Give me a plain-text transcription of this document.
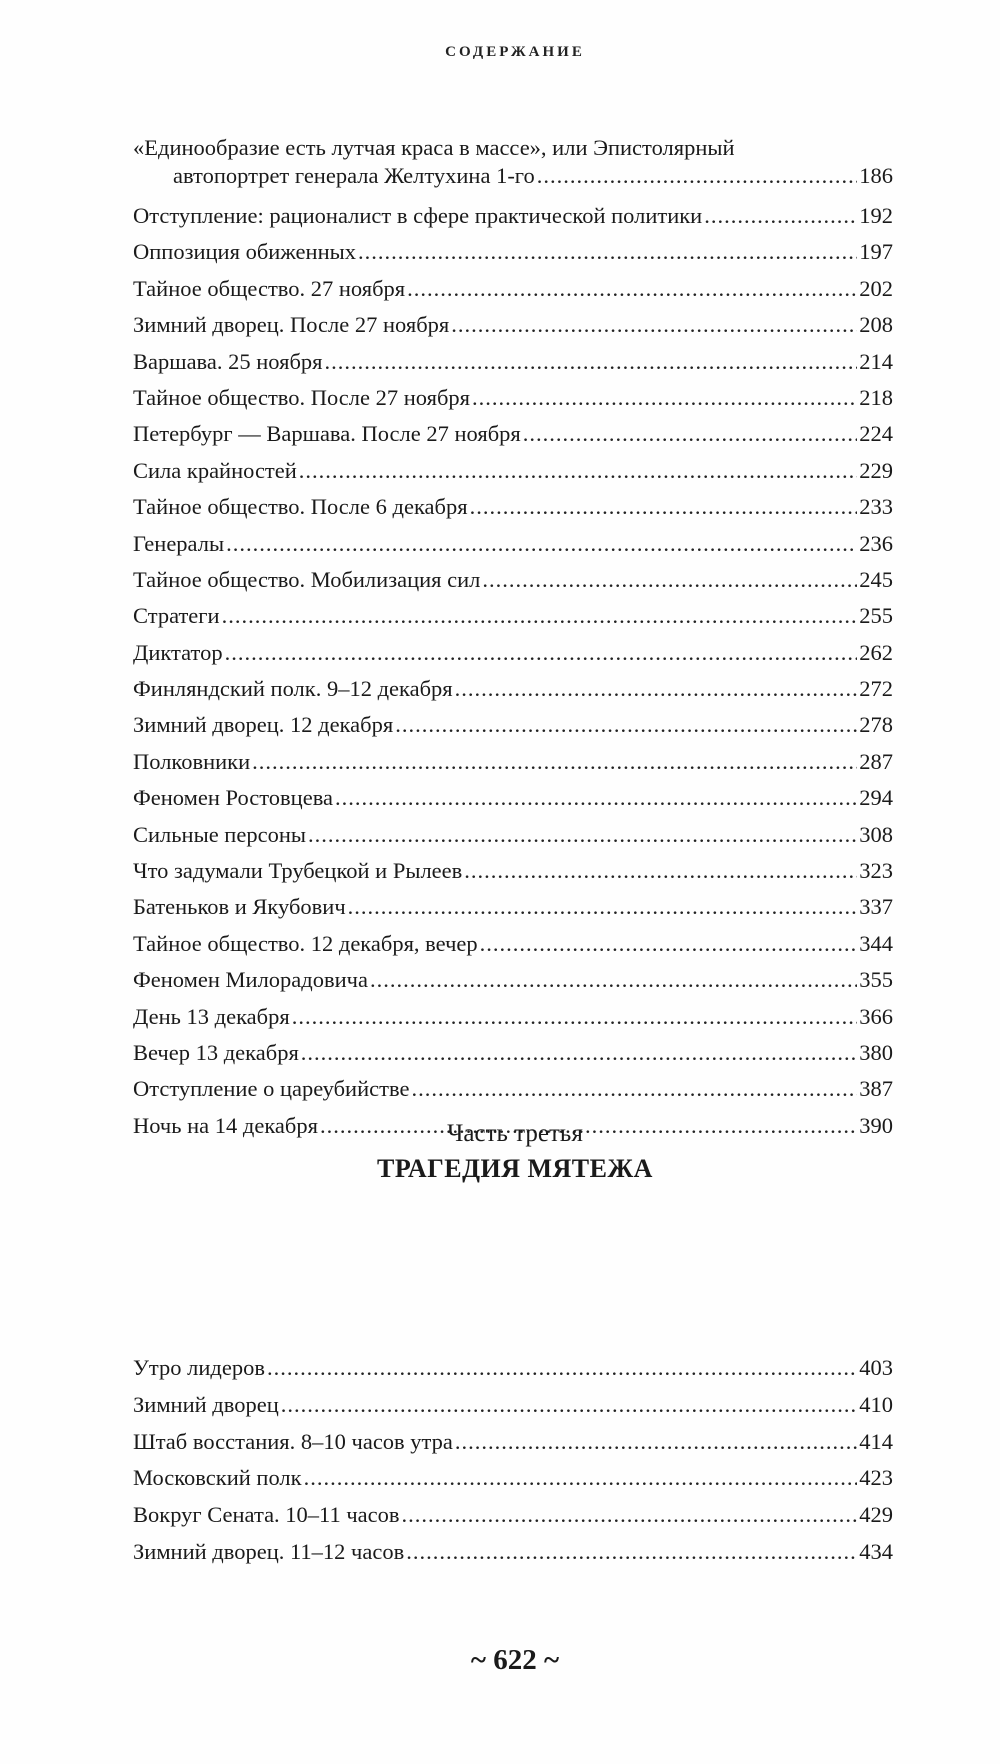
СОДЕРЖАНИЕ
«Единообразие есть лутчая краса в массе», или Эпистолярный
автопортрет генерала Желтухина 1-го .....	186
Отступление: рационалист в сфере практической политики .....	192
Оппозиция обиженных .....	197
Тайное общество. 27 ноября .....	202
Зимний дворец. После 27 ноября .....	208
Варшава. 25 ноября .....	214
Тайное общество. После 27 ноября .....	218
Петербург — Варшава. После 27 ноября .....	224
Сила крайностей .....	229
Тайное общество. После 6 декабря .....	233
Генералы .....	236
Тайное общество. Мобилизация сил .....	245
Стратеги .....	255
Диктатор .....	262
Финляндский полк. 9–12 декабря .....	272
Зимний дворец. 12 декабря .....	278
Полковники .....	287
Феномен Ростовцева .....	294
Сильные персоны .....	308
Что задумали Трубецкой и Рылеев .....	323
Батеньков и Якубович .....	337
Тайное общество. 12 декабря, вечер .....	344
Феномен Милорадовича .....	355
День 13 декабря .....	366
Вечер 13 декабря .....	380
Отступление о цареубийстве .....	387
Ночь на 14 декабря .....	390
Часть третья
ТРАГЕДИЯ МЯТЕЖА
Утро лидеров .....	403
Зимний дворец .....	410
Штаб восстания. 8–10 часов утра .....	414
Московский полк .....	423
Вокруг Сената. 10–11 часов .....	429
Зимний дворец. 11–12 часов .....	434
~ 622 ~
